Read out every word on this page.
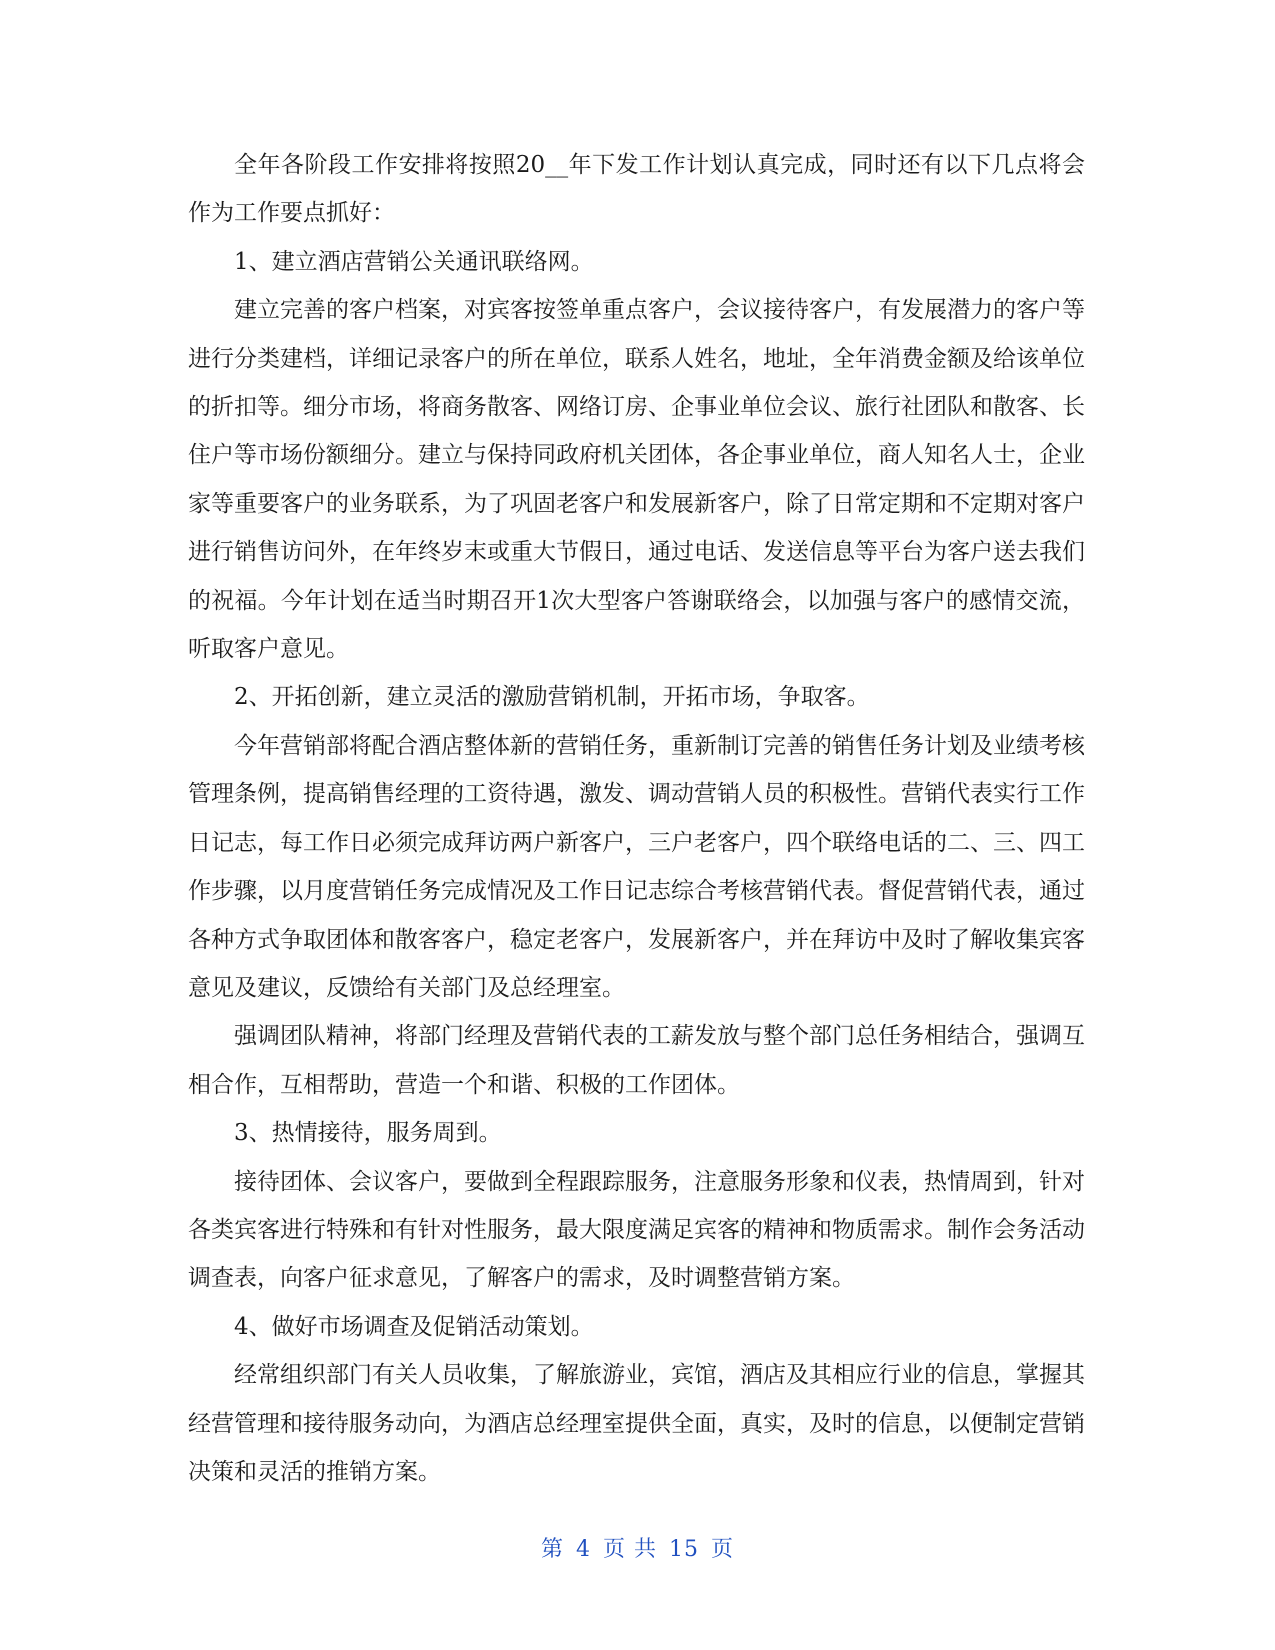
全年各阶段工作安排将按照20__年下发工作计划认真完成，同时还有以下几点将会作为工作要点抓好：

1、建立酒店营销公关通讯联络网。

建立完善的客户档案，对宾客按签单重点客户，会议接待客户，有发展潜力的客户等进行分类建档，详细记录客户的所在单位，联系人姓名，地址，全年消费金额及给该单位的折扣等。细分市场，将商务散客、网络订房、企事业单位会议、旅行社团队和散客、长住户等市场份额细分。建立与保持同政府机关团体，各企事业单位，商人知名人士，企业家等重要客户的业务联系，为了巩固老客户和发展新客户，除了日常定期和不定期对客户进行销售访问外，在年终岁末或重大节假日，通过电话、发送信息等平台为客户送去我们的祝福。今年计划在适当时期召开1次大型客户答谢联络会，以加强与客户的感情交流，听取客户意见。

2、开拓创新，建立灵活的激励营销机制，开拓市场，争取客。

今年营销部将配合酒店整体新的营销任务，重新制订完善的销售任务计划及业绩考核管理条例，提高销售经理的工资待遇，激发、调动营销人员的积极性。营销代表实行工作日记志，每工作日必须完成拜访两户新客户，三户老客户，四个联络电话的二、三、四工作步骤，以月度营销任务完成情况及工作日记志综合考核营销代表。督促营销代表，通过各种方式争取团体和散客客户，稳定老客户，发展新客户，并在拜访中及时了解收集宾客意见及建议，反馈给有关部门及总经理室。

强调团队精神，将部门经理及营销代表的工薪发放与整个部门总任务相结合，强调互相合作，互相帮助，营造一个和谐、积极的工作团体。

3、热情接待，服务周到。

接待团体、会议客户，要做到全程跟踪服务，注意服务形象和仪表，热情周到，针对各类宾客进行特殊和有针对性服务，最大限度满足宾客的精神和物质需求。制作会务活动调查表，向客户征求意见，了解客户的需求，及时调整营销方案。

4、做好市场调查及促销活动策划。

经常组织部门有关人员收集，了解旅游业，宾馆，酒店及其相应行业的信息，掌握其经营管理和接待服务动向，为酒店总经理室提供全面，真实，及时的信息，以便制定营销决策和灵活的推销方案。

第 4 页 共 15 页
